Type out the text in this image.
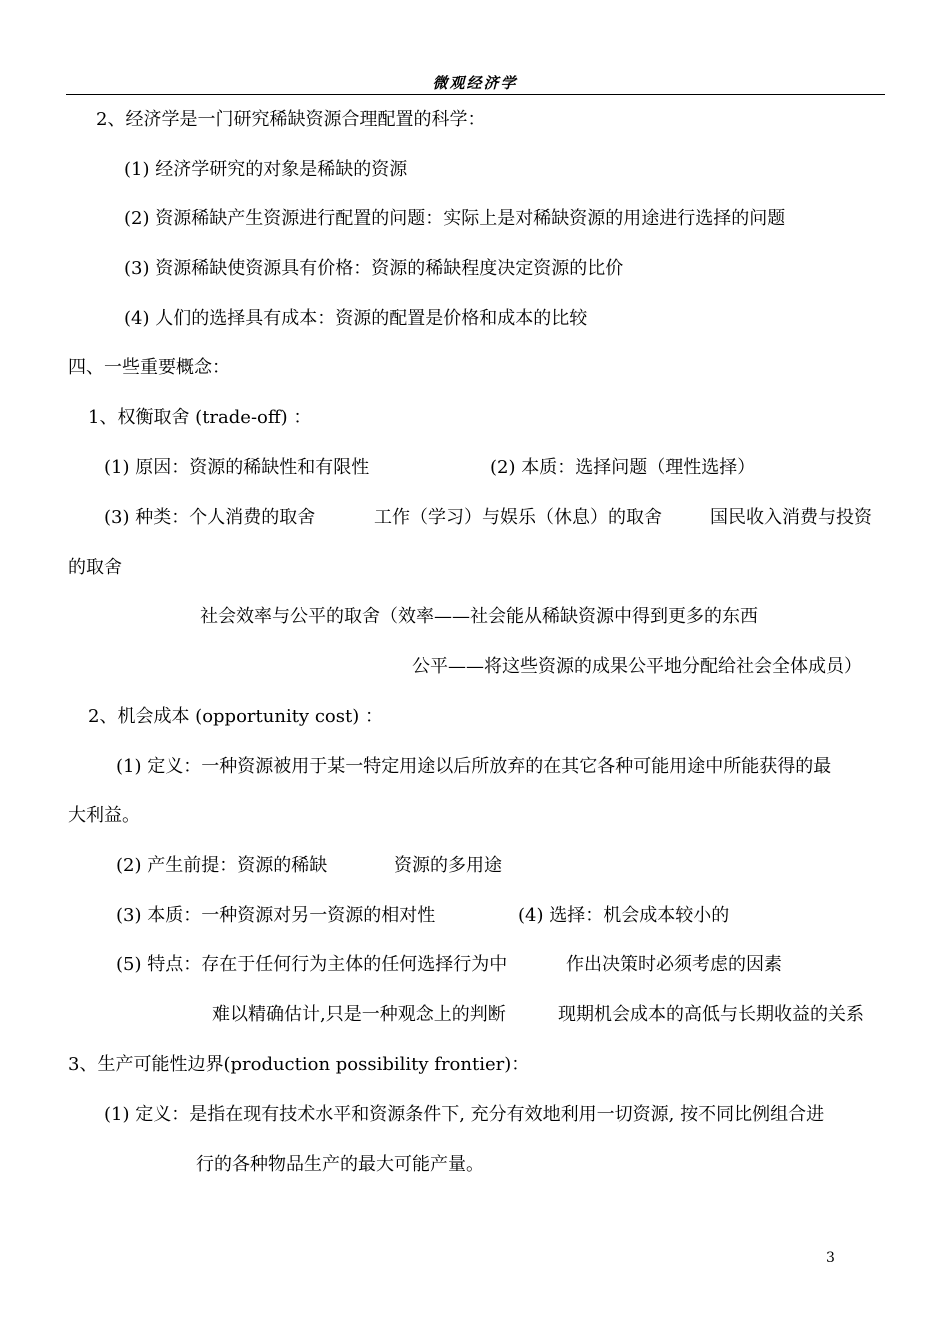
微观经济学
2、经济学是一门研究稀缺资源合理配置的科学：
(1) 经济学研究的对象是稀缺的资源
(2) 资源稀缺产生资源进行配置的问题：实际上是对稀缺资源的用途进行选择的问题
(3) 资源稀缺使资源具有价格：资源的稀缺程度决定资源的比价
(4) 人们的选择具有成本：资源的配置是价格和成本的比较
四、一些重要概念：
1、权衡取舍 (trade-off) ：
(1) 原因：资源的稀缺性和有限性	(2) 本质：选择问题（理性选择）
(3) 种类：个人消费的取舍	工作（学习）与娱乐（休息）的取舍	国民收入消费与投资
的取舍
社会效率与公平的取舍（效率——社会能从稀缺资源中得到更多的东西
公平——将这些资源的成果公平地分配给社会全体成员）
2、机会成本 (opportunity cost) ：
(1) 定义：一种资源被用于某一特定用途以后所放弃的在其它各种可能用途中所能获得的最
大利益。
(2) 产生前提：资源的稀缺	资源的多用途
(3) 本质：一种资源对另一资源的相对性	(4) 选择：机会成本较小的
(5) 特点：存在于任何行为主体的任何选择行为中	作出决策时必须考虑的因素
难以精确估计,只是一种观念上的判断	现期机会成本的高低与长期收益的关系
3、生产可能性边界(production possibility frontier)：
(1) 定义：是指在现有技术水平和资源条件下, 充分有效地利用一切资源, 按不同比例组合进
行的各种物品生产的最大可能产量。
3
